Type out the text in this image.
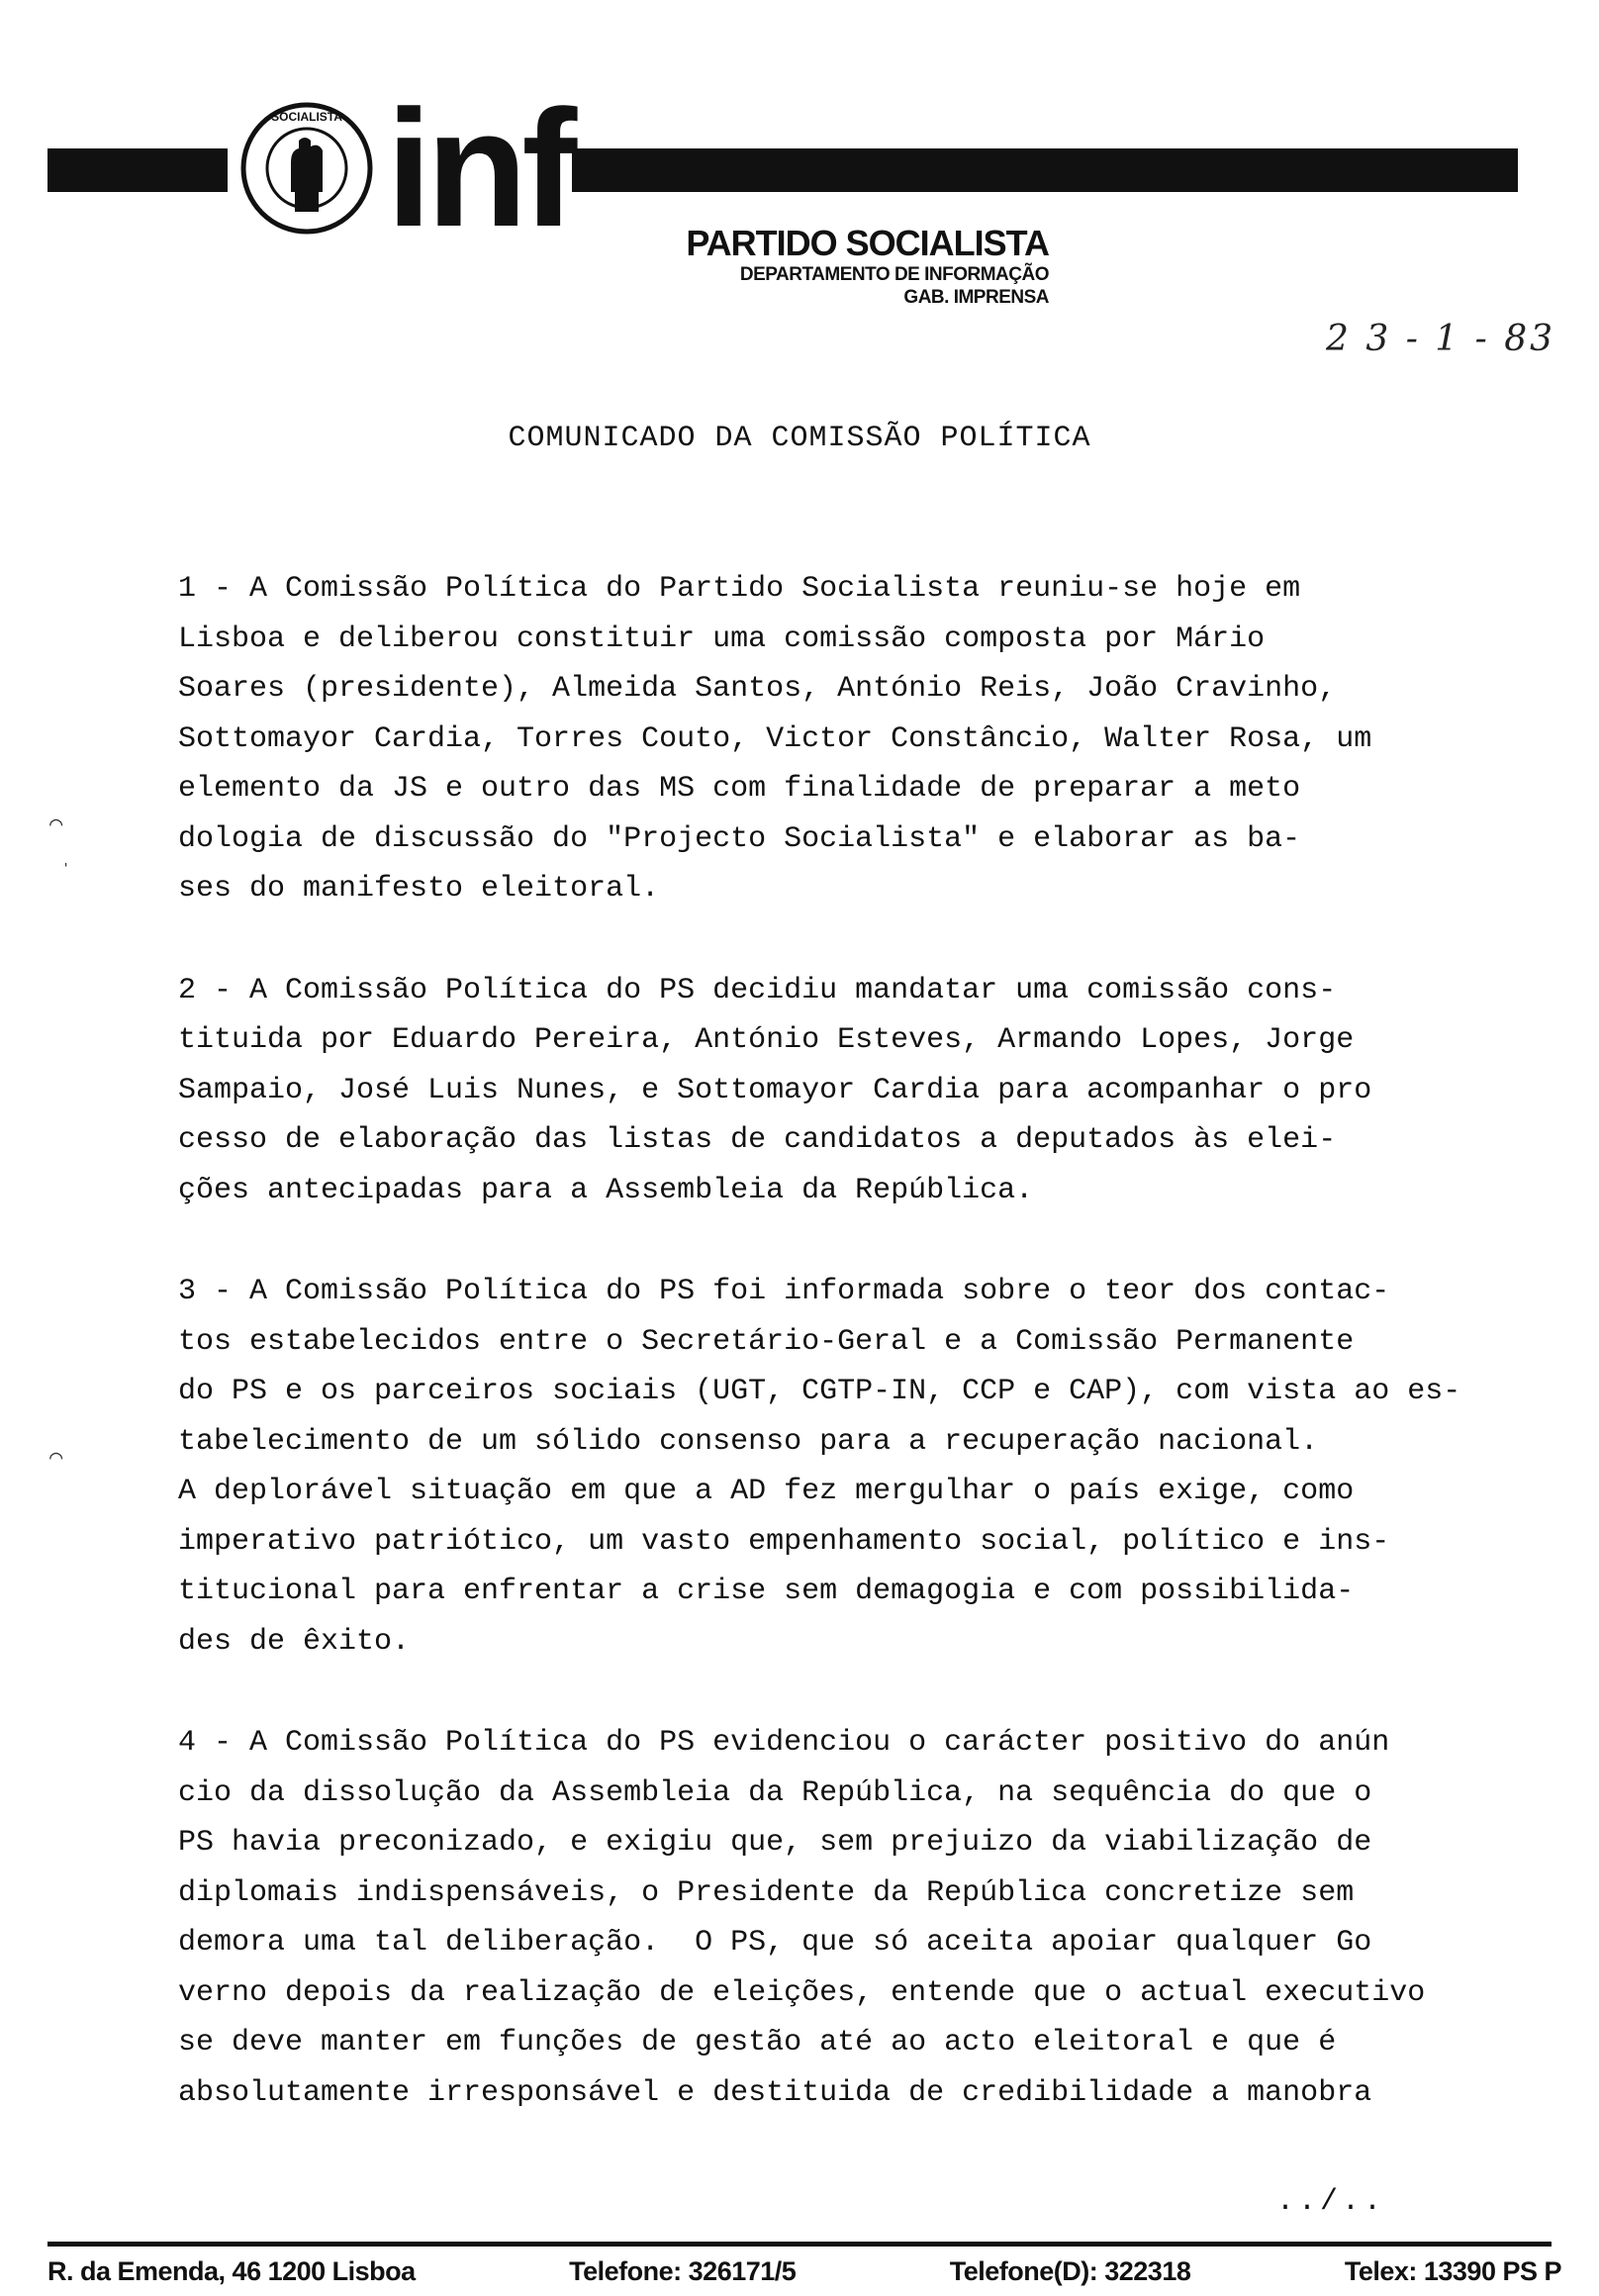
SOCIALISTA inf	PARTIDO SOCIALISTA
DEPARTAMENTO DE INFORMAÇÃO
GAB. IMPRENSA
2 3 - 1 - 83
COMUNICADO DA COMISSÃO POLÍTICA
1 - A Comissão Política do Partido Socialista reuniu-se hoje em
Lisboa e deliberou constituir uma comissão composta por Mário
Soares (presidente), Almeida Santos, António Reis, João Cravinho,
Sottomayor Cardia, Torres Couto, Victor Constâncio, Walter Rosa, um
elemento da JS e outro das MS com finalidade de preparar a meto
dologia de discussão do "Projecto Socialista" e elaborar as ba-
ses do manifesto eleitoral.
2 - A Comissão Política do PS decidiu mandatar uma comissão cons-
tituida por Eduardo Pereira, António Esteves, Armando Lopes, Jorge
Sampaio, José Luis Nunes, e Sottomayor Cardia para acompanhar o pro
cesso de elaboração das listas de candidatos a deputados às elei-
ções antecipadas para a Assembleia da República.
3 - A Comissão Política do PS foi informada sobre o teor dos contac-
tos estabelecidos entre o Secretário-Geral e a Comissão Permanente
do PS e os parceiros sociais (UGT, CGTP-IN, CCP e CAP), com vista ao es-
tabelecimento de um sólido consenso para a recuperação nacional.
A deplorável situação em que a AD fez mergulhar o país exige, como
imperativo patriótico, um vasto empenhamento social, político e ins-
titucional para enfrentar a crise sem demagogia e com possibilida-
des de êxito.
4 - A Comissão Política do PS evidenciou o carácter positivo do anún
cio da dissolução da Assembleia da República, na sequência do que o
PS havia preconizado, e exigiu que, sem prejuizo da viabilização de
diplomais indispensáveis, o Presidente da República concretize sem
demora uma tal deliberação.  O PS, que só aceita apoiar qualquer Go
verno depois da realização de eleições, entende que o actual executivo
se deve manter em funções de gestão até ao acto eleitoral e que é
absolutamente irresponsável e destituida de credibilidade a manobra
⌒
ˈ
⌒
../..
R. da Emenda, 46 1200 Lisboa	Telefone: 326171/5	Telefone(D): 322318	Telex: 13390 PS P
